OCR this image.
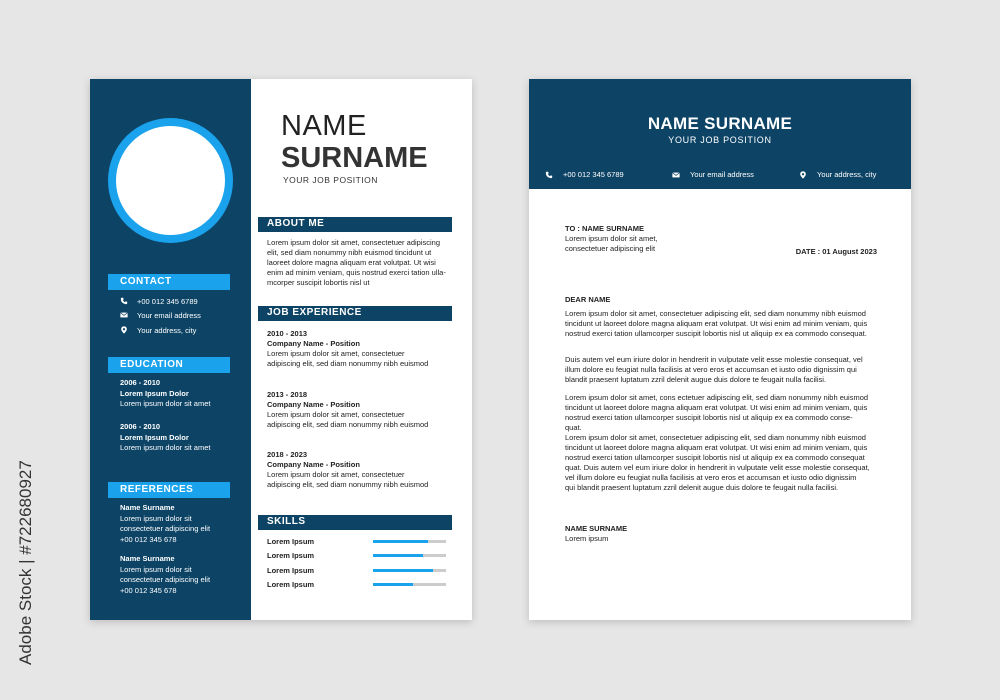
Adobe Stock | #722680927
CONTACT
+00 012 345 6789
Your email address
Your address, city
EDUCATION
2006 - 2010
Lorem Ipsum Dolor
Lorem ipsum dolor sit amet
2006 - 2010
Lorem Ipsum Dolor
Lorem ipsum dolor sit amet
REFERENCES
Name Surname
Lorem ipsum dolor sit
consectetuer adipiscing elit
+00 012 345 678
Name Surname
Lorem ipsum dolor sit
consectetuer adipiscing elit
+00 012 345 678
NAME
SURNAME
YOUR JOB POSITION
ABOUT ME
Lorem ipsum dolor sit amet, consectetuer adipiscing
elit, sed diam nonummy nibh euismod tincidunt ut
laoreet dolore magna aliquam erat volutpat. Ut wisi
enim ad minim veniam, quis nostrud exerci tation ulla-
mcorper suscipit lobortis nisl ut
JOB EXPERIENCE
2010 - 2013
Company Name - Position
Lorem ipsum dolor sit amet, consectetuer
adipiscing elit, sed diam nonummy nibh euismod
2013 - 2018
Company Name - Position
Lorem ipsum dolor sit amet, consectetuer
adipiscing elit, sed diam nonummy nibh euismod
2018 - 2023
Company Name - Position
Lorem ipsum dolor sit amet, consectetuer
adipiscing elit, sed diam nonummy nibh euismod
SKILLS
Lorem Ipsum
Lorem Ipsum
Lorem Ipsum
Lorem Ipsum
NAME SURNAME
YOUR JOB POSITION
+00 012 345 6789	Your email address	Your address, city
TO : NAME SURNAME
Lorem ipsum dolor sit amet,
consectetuer adipiscing elit	DATE : 01 August 2023
DEAR NAME
Lorem ipsum dolor sit amet, consectetuer adipiscing elit, sed diam nonummy nibh euismod
tincidunt ut laoreet dolore magna aliquam erat volutpat. Ut wisi enim ad minim veniam, quis
nostrud exerci tation ullamcorper suscipit lobortis nisl ut aliquip ex ea commodo consequat.
Duis autem vel eum iriure dolor in hendrerit in vulputate velit esse molestie consequat, vel
illum dolore eu feugiat nulla facilisis at vero eros et accumsan et iusto odio dignissim qui
blandit praesent luptatum zzril delenit augue duis dolore te feugait nulla facilisi.
Lorem ipsum dolor sit amet, cons ectetuer adipiscing elit, sed diam nonummy nibh euismod
tincidunt ut laoreet dolore magna aliquam erat volutpat. Ut wisi enim ad minim veniam, quis
nostrud exerci tation ullamcorper suscipit lobortis nisl ut aliquip ex ea commodo conse-
quat.
Lorem ipsum dolor sit amet, consectetuer adipiscing elit, sed diam nonummy nibh euismod
tincidunt ut laoreet dolore magna aliquam erat volutpat. Ut wisi enim ad minim veniam, quis
nostrud exerci tation ullamcorper suscipit lobortis nisl ut aliquip ex ea commodo consequat
quat. Duis autem vel eum iriure dolor in hendrerit in vulputate velit esse molestie consequat,
vel illum dolore eu feugiat nulla facilisis at vero eros et accumsan et iusto odio dignissim
qui blandit praesent luptatum zzril delenit augue duis dolore te feugait nulla facilisi.
NAME SURNAME
Lorem ipsum
